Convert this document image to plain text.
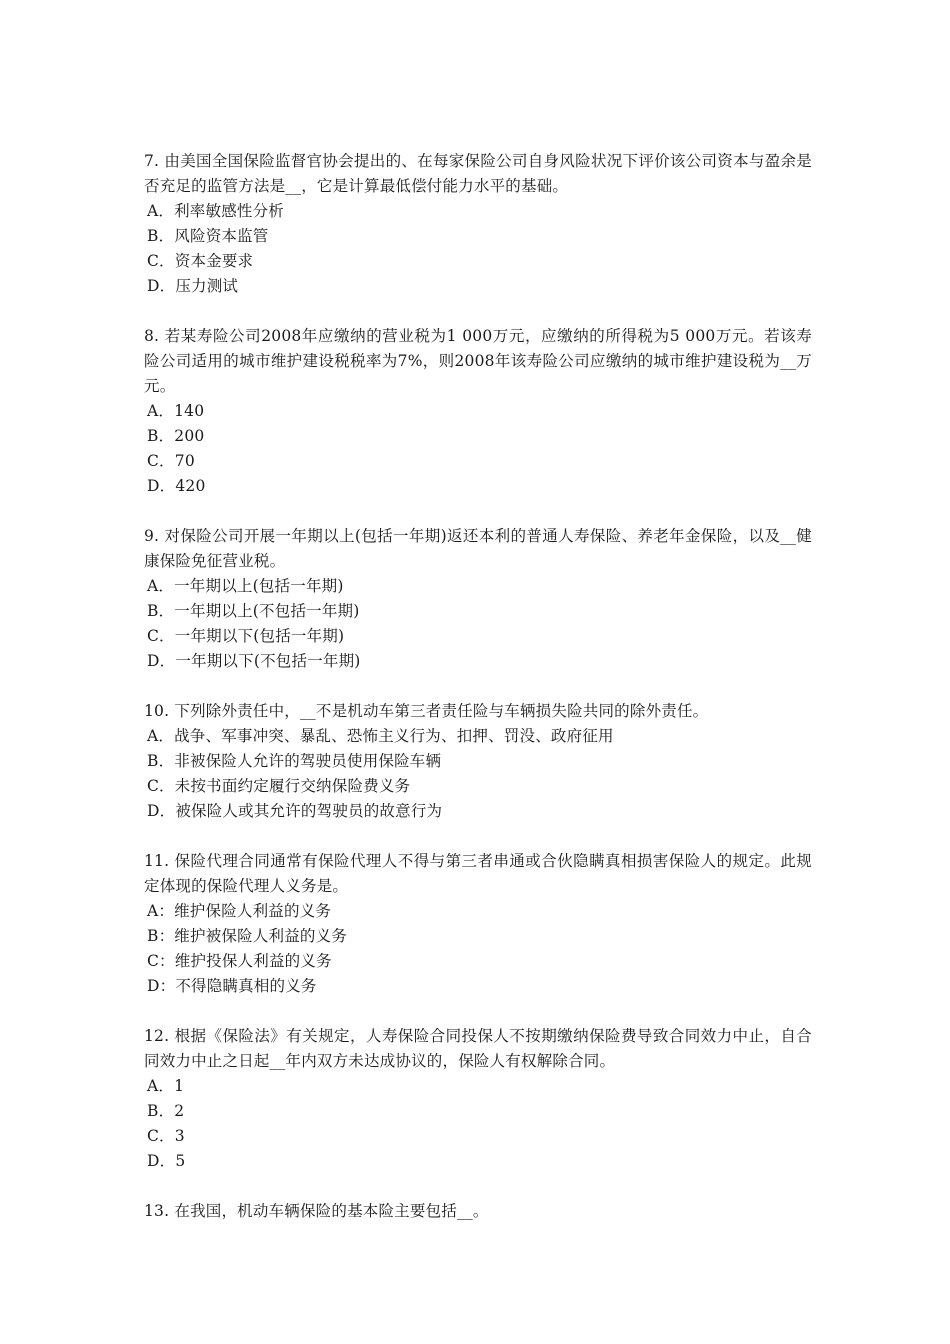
7. 由美国全国保险监督官协会提出的、在每家保险公司自身风险状况下评价该公司资本与盈余是否充足的监管方法是__，它是计算最低偿付能力水平的基础。

A．利率敏感性分析

B．风险资本监管

C．资本金要求

D．压力测试

8. 若某寿险公司2008年应缴纳的营业税为1 000万元，应缴纳的所得税为5 000万元。若该寿险公司适用的城市维护建设税税率为7%，则2008年该寿险公司应缴纳的城市维护建设税为__万元。

A．140

B．200

C．70

D．420

9. 对保险公司开展一年期以上(包括一年期)返还本利的普通人寿保险、养老年金保险，以及__健康保险免征营业税。

A．一年期以上(包括一年期)

B．一年期以上(不包括一年期)

C．一年期以下(包括一年期)

D．一年期以下(不包括一年期)

10. 下列除外责任中，__不是机动车第三者责任险与车辆损失险共同的除外责任。

A．战争、军事冲突、暴乱、恐怖主义行为、扣押、罚没、政府征用

B．非被保险人允许的驾驶员使用保险车辆

C．未按书面约定履行交纳保险费义务

D．被保险人或其允许的驾驶员的故意行为

11. 保险代理合同通常有保险代理人不得与第三者串通或合伙隐瞒真相损害保险人的规定。此规定体现的保险代理人义务是。

A：维护保险人利益的义务

B：维护被保险人利益的义务

C：维护投保人利益的义务

D：不得隐瞒真相的义务

12. 根据《保险法》有关规定，人寿保险合同投保人不按期缴纳保险费导致合同效力中止，自合同效力中止之日起__年内双方未达成协议的，保险人有权解除合同。

A．1

B．2

C．3

D．5

13. 在我国，机动车辆保险的基本险主要包括__。
